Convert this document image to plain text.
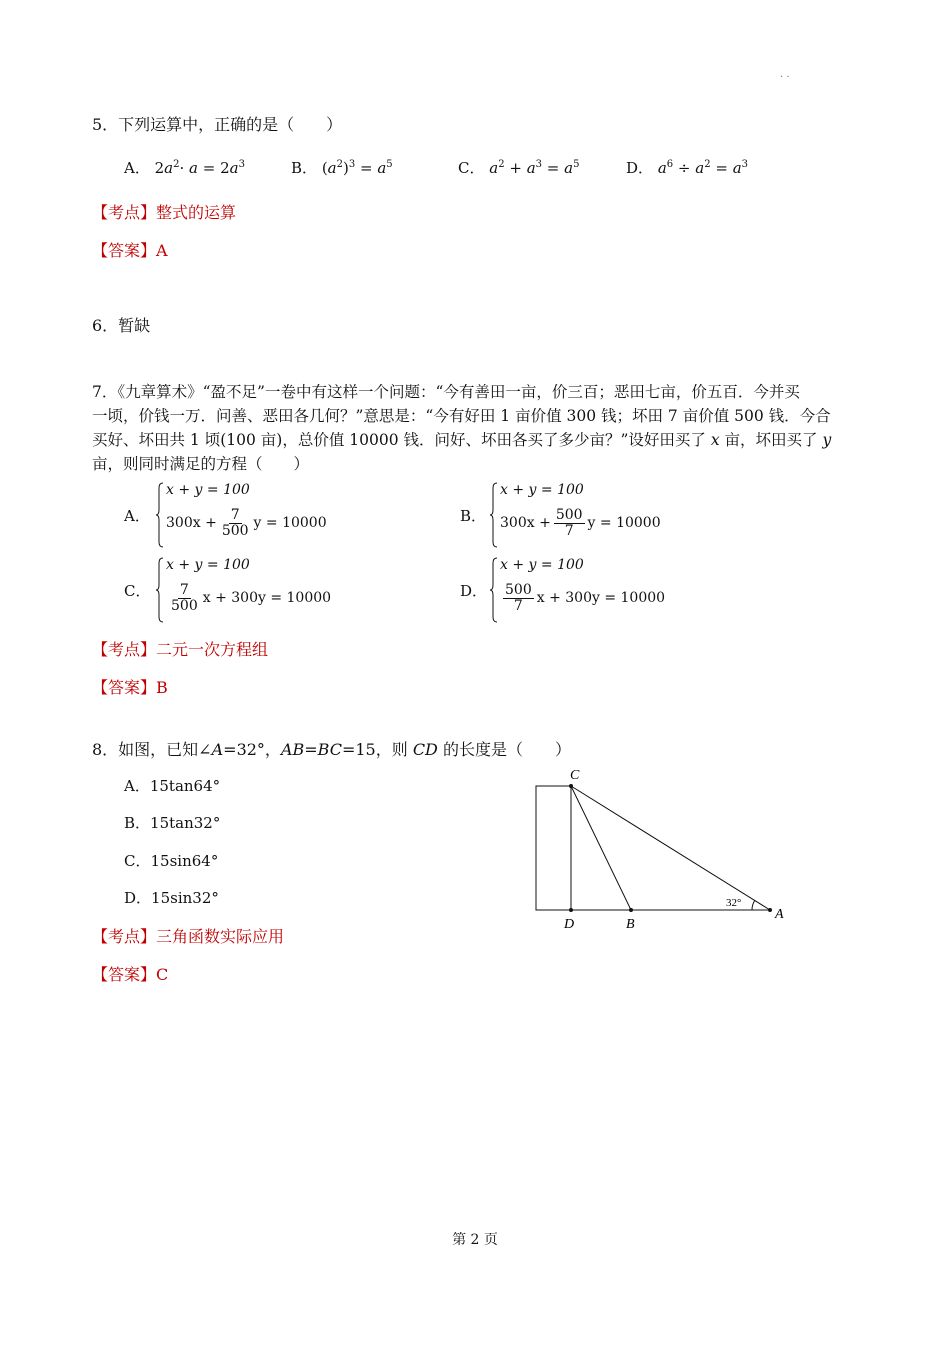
· ·
5．下列运算中，正确的是（　　）
A． $2a^2\cdot a = 2a^3$	B． $(a^2)^3 = a^5$	C． $a^2 + a^3 = a^5$	D． $a^6 \div a^2 = a^3$
【考点】整式的运算
【答案】A
6．暂缺
7．《九章算术》“盈不足”一卷中有这样一个问题：“今有善田一亩，价三百；恶田七亩，价五百．今并买
一顷，价钱一万．问善、恶田各几何？”意思是：“今有好田 1 亩价值 300 钱；坏田 7 亩价值 500 钱．今合
买好、坏田共 1 顷(100 亩)，总价值 10000 钱．问好、坏田各买了多少亩？”设好田买了 x 亩，坏田买了 y
亩，则同时满足的方程（　　）
A．
x + y = 100
$300x + \frac{7}{500}$ y = 10000	B．
x + y = 100
$300x + \frac{500}{7}$ y = 10000
C．
x + y = 100
$\frac{7}{500}$ x + 300y = 10000	D．
x + y = 100
$\frac{500}{7}$ x + 300y = 10000
【考点】二元一次方程组
【答案】B
8．如图，已知∠A=32°，AB=BC=15，则 CD 的长度是（　　）
A．15tan64°
B．15tan32°
C．15sin64°
D．15sin32°
C
D	B
A
32°
【考点】三角函数实际应用
【答案】C
第 2 页
